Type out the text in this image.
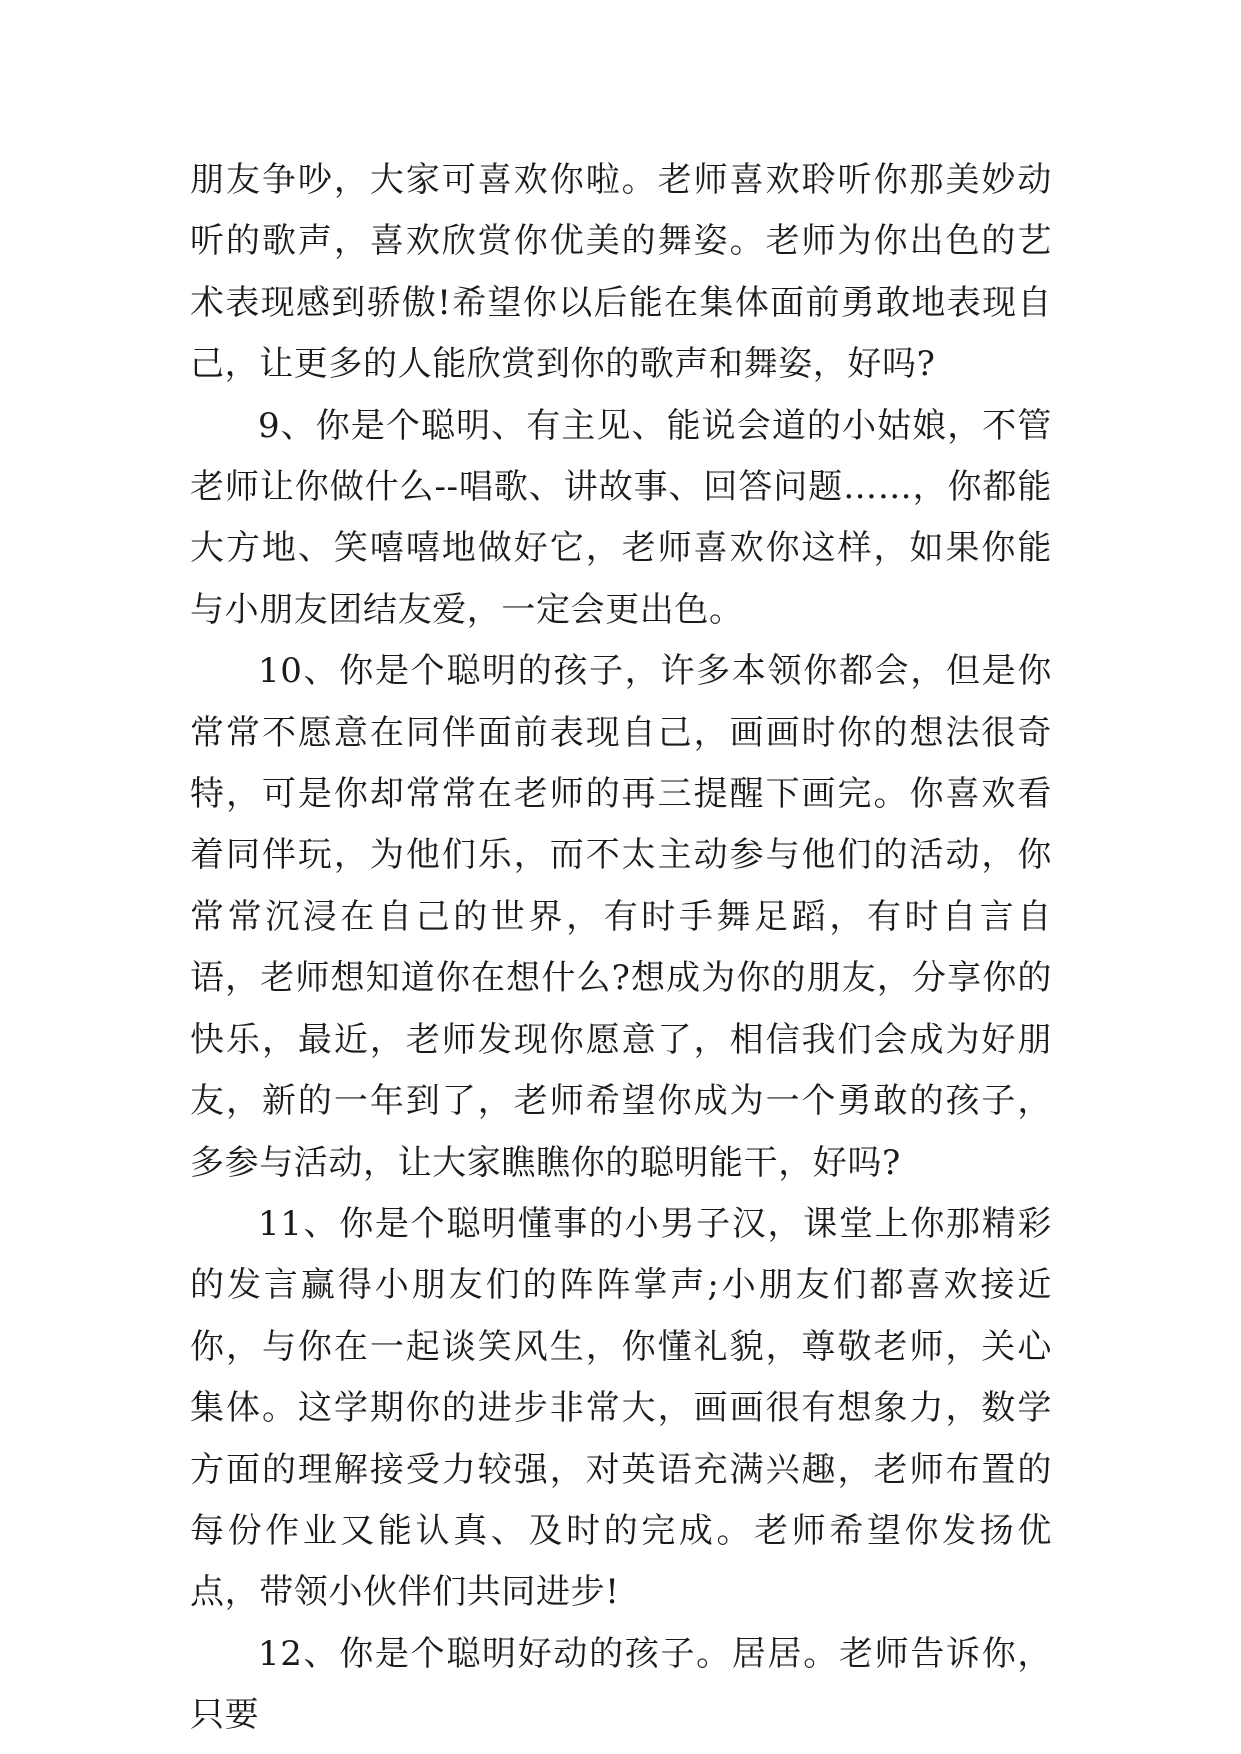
朋友争吵，大家可喜欢你啦。老师喜欢聆听你那美妙动听的歌声，喜欢欣赏你优美的舞姿。老师为你出色的艺术表现感到骄傲!希望你以后能在集体面前勇敢地表现自己，让更多的人能欣赏到你的歌声和舞姿，好吗?

9、你是个聪明、有主见、能说会道的小姑娘，不管老师让你做什么--唱歌、讲故事、回答问题……，你都能大方地、笑嘻嘻地做好它，老师喜欢你这样，如果你能与小朋友团结友爱，一定会更出色。

10、你是个聪明的孩子，许多本领你都会，但是你常常不愿意在同伴面前表现自己，画画时你的想法很奇特，可是你却常常在老师的再三提醒下画完。你喜欢看着同伴玩，为他们乐，而不太主动参与他们的活动，你常常沉浸在自己的世界，有时手舞足蹈，有时自言自语，老师想知道你在想什么?想成为你的朋友，分享你的快乐，最近，老师发现你愿意了，相信我们会成为好朋友，新的一年到了，老师希望你成为一个勇敢的孩子，多参与活动，让大家瞧瞧你的聪明能干，好吗?

11、你是个聪明懂事的小男子汉，课堂上你那精彩的发言赢得小朋友们的阵阵掌声;小朋友们都喜欢接近你，与你在一起谈笑风生，你懂礼貌，尊敬老师，关心集体。这学期你的进步非常大，画画很有想象力，数学方面的理解接受力较强，对英语充满兴趣，老师布置的每份作业又能认真、及时的完成。老师希望你发扬优点，带领小伙伴们共同进步!

12、你是个聪明好动的孩子。居居。老师告诉你，只要
